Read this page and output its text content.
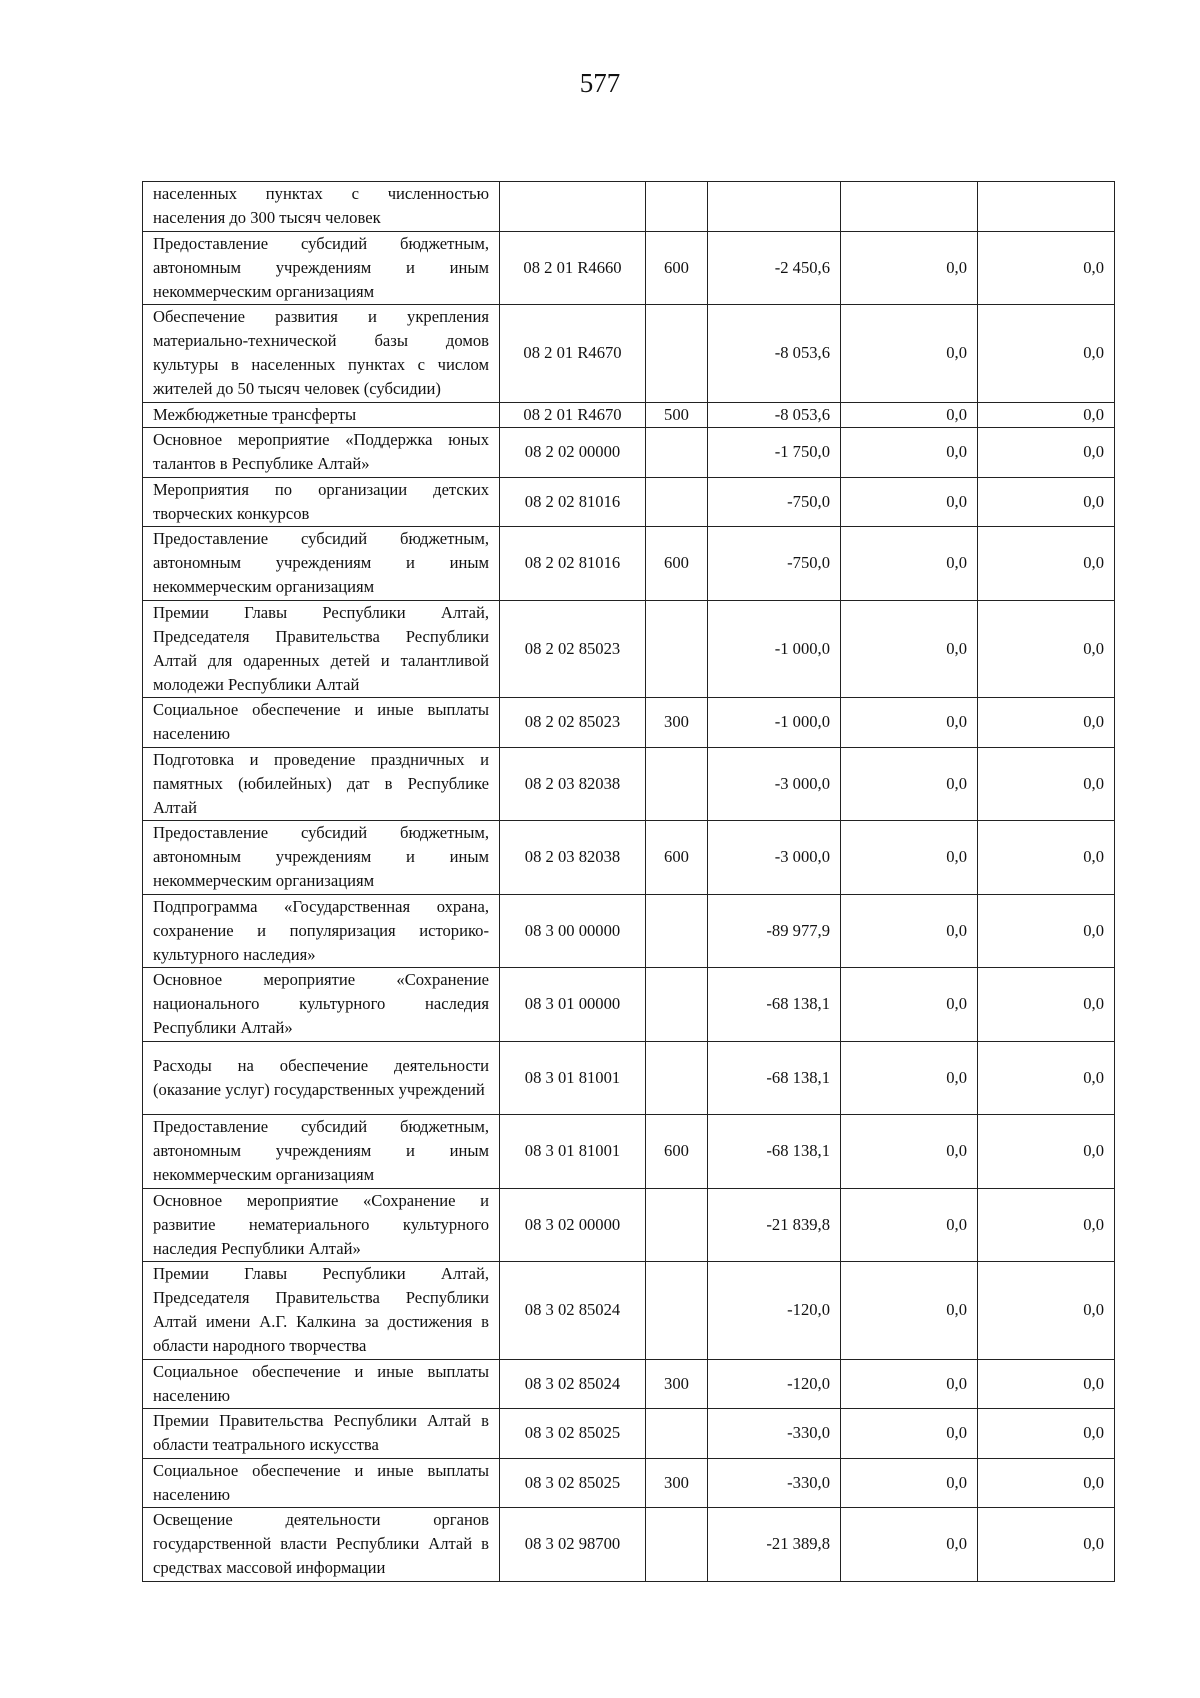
577
населенных пунктах с численностью населения до 300 тысяч человек					
Предоставление субсидий бюджетным, автономным учреждениям и иным некоммерческим организациям	08 2 01 R4660	600	-2 450,6	0,0	0,0
Обеспечение развития и укрепления материально-технической базы домов культуры в населенных пунктах с числом жителей до 50 тысяч человек (субсидии)	08 2 01 R4670		-8 053,6	0,0	0,0
Межбюджетные трансферты	08 2 01 R4670	500	-8 053,6	0,0	0,0
Основное мероприятие «Поддержка юных талантов в Республике Алтай»	08 2 02 00000		-1 750,0	0,0	0,0
Мероприятия по организации детских творческих конкурсов	08 2 02 81016		-750,0	0,0	0,0
Предоставление субсидий бюджетным, автономным учреждениям и иным некоммерческим организациям	08 2 02 81016	600	-750,0	0,0	0,0
Премии Главы Республики Алтай, Председателя Правительства Республики Алтай для одаренных детей и талантливой молодежи Республики Алтай	08 2 02 85023		-1 000,0	0,0	0,0
Социальное обеспечение и иные выплаты населению	08 2 02 85023	300	-1 000,0	0,0	0,0
Подготовка и проведение праздничных и памятных (юбилейных) дат в Республике Алтай	08 2 03 82038		-3 000,0	0,0	0,0
Предоставление субсидий бюджетным, автономным учреждениям и иным некоммерческим организациям	08 2 03 82038	600	-3 000,0	0,0	0,0
Подпрограмма «Государственная охрана, сохранение и популяризация историко-культурного наследия»	08 3 00 00000		-89 977,9	0,0	0,0
Основное мероприятие «Сохранение национального культурного наследия Республики Алтай»	08 3 01 00000		-68 138,1	0,0	0,0
Расходы на обеспечение деятельности (оказание услуг) государственных учреждений	08 3 01 81001		-68 138,1	0,0	0,0
Предоставление субсидий бюджетным, автономным учреждениям и иным некоммерческим организациям	08 3 01 81001	600	-68 138,1	0,0	0,0
Основное мероприятие «Сохранение и развитие нематериального культурного наследия Республики Алтай»	08 3 02 00000		-21 839,8	0,0	0,0
Премии Главы Республики Алтай, Председателя Правительства Республики Алтай имени А.Г. Калкина за достижения в области народного творчества	08 3 02 85024		-120,0	0,0	0,0
Социальное обеспечение и иные выплаты населению	08 3 02 85024	300	-120,0	0,0	0,0
Премии Правительства Республики Алтай в области театрального искусства	08 3 02 85025		-330,0	0,0	0,0
Социальное обеспечение и иные выплаты населению	08 3 02 85025	300	-330,0	0,0	0,0
Освещение деятельности органов государственной власти Республики Алтай в средствах массовой информации	08 3 02 98700		-21 389,8	0,0	0,0
